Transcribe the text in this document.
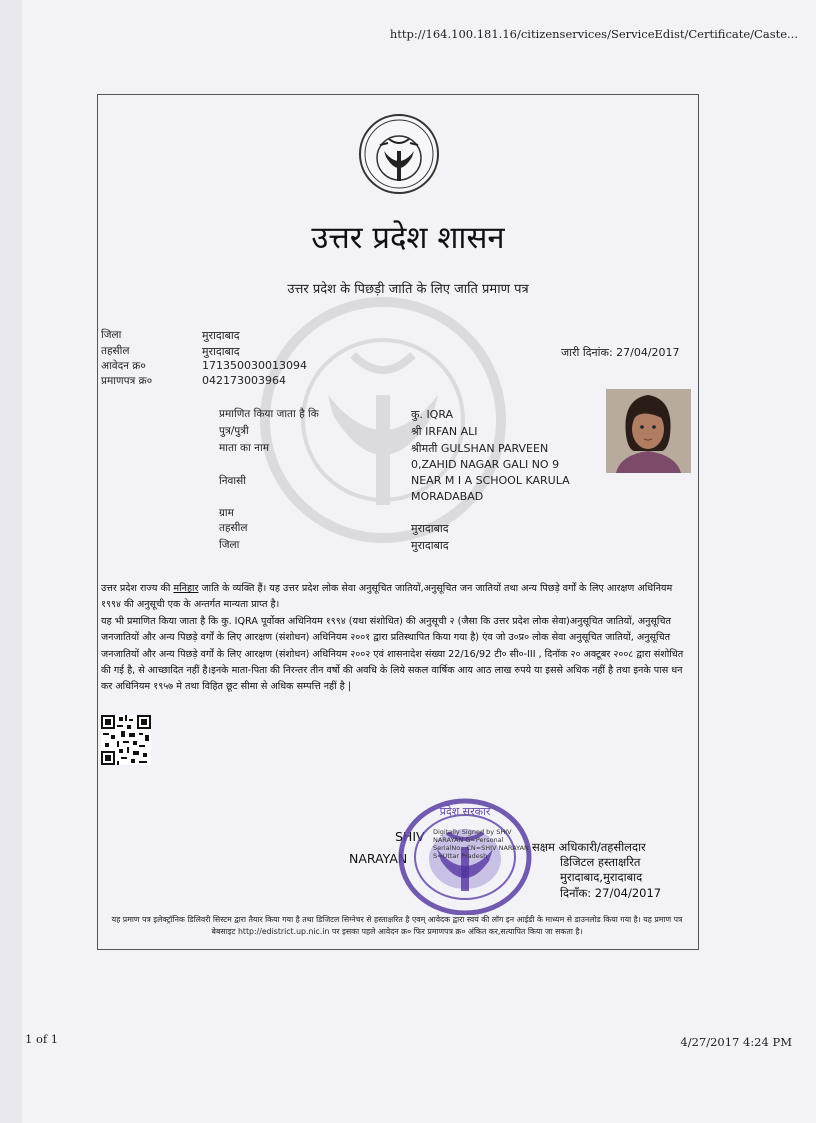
http://164.100.181.16/citizenservices/ServiceEdist/Certificate/Caste...
उत्तर प्रदेश शासन
उत्तर प्रदेश के पिछड़ी जाति के लिए जाति प्रमाण पत्र
जिला	मुरादाबाद
तहसील	मुरादाबाद
आवेदन क्र०	171350030013094
प्रमाणपत्र क्र०	042173003964
जारी दिनांक: 27/04/2017
प्रमाणित किया जाता है कि	कु. IQRA
पुत्र/पुत्री	श्री IRFAN ALI
माता का नाम	श्रीमती GULSHAN PARVEEN
0,ZAHID NAGAR GALI NO 9
निवासी	NEAR M I A SCHOOL KARULA
MORADABAD
ग्राम
तहसील	मुरादाबाद
जिला	मुरादाबाद
उत्तर प्रदेश राज्य की मनिहार जाति के व्यक्ति हैं। यह उत्तर प्रदेश लोक सेवा अनुसूचित जातियों,अनुसूचित जन जातियों तथा अन्य पिछड़े वर्गों के लिए आरक्षण अधिनियम १९९४ की अनुसूची एक के अन्तर्गत मान्यता प्राप्त है।
यह भी प्रमाणित किया जाता है कि कु. IQRA पूर्वोक्त अधिनियम १९९४ (यथा संशोधित) की अनुसूची २ (जैसा कि उत्तर प्रदेश लोक सेवा)अनुसूचित जातियों, अनुसूचित जनजातियों और अन्य पिछड़े वर्गों के लिए आरक्षण (संशोधन) अधिनियम २००१ द्वारा प्रतिस्थापित किया गया है) एंव जो उ०प्र० लोक सेवा अनुसूचित जातियों, अनुसूचित जनजातियों और अन्य पिछड़े वर्गों के लिए आरक्षण (संशोधन) अधिनियम २००२ एवं शासनादेश संख्या 22/16/92 टी० सी०-III , दिनॉक २० अक्टूबर २००८ द्वारा संशोधित की गई है, से आच्छादित नहीं है।इनके माता-पिता की निरन्तर तीन वर्षो की अवधि के लिये सकल वार्षिक आय आठ लाख रुपये या इससे अधिक नहीं है तथा इनके पास धन कर अधिनियम १९५७ मे तथा विहित छूट सीमा से अधिक सम्पत्ति नहीं है |
SHIV
NARAYAN
प्रदेश सरकार
Digitally Signed by SHIV
NARAYAN G=Personal
SerialNo...CN=SHIV NARAYAN
S=Uttar Pradesh
सक्षम अधिकारी/तहसीलदार
डिजिटल हस्ताक्षरित
मुरादाबाद,मुरादाबाद
दिनाँक: 27/04/2017
यह प्रमाण पत्र इलेक्ट्रॉनिक डिलिवरी सिस्टम द्वारा तैयार किया गया है तथा डिजिटल सिग्नेचर से हस्ताक्षरित है एवम् आवेदक द्वारा स्वयं की लॉग इन आईडी के माध्यम से डाउनलोड किया गया है। यह प्रमाण पत्र बेबसाइट http://edistrict.up.nic.in पर इसका पहले आवेदन क्र० फिर प्रमाणपत्र क्र० अंकित कर,सत्यापित किया जा सकता है।
1 of 1	4/27/2017 4:24 PM
